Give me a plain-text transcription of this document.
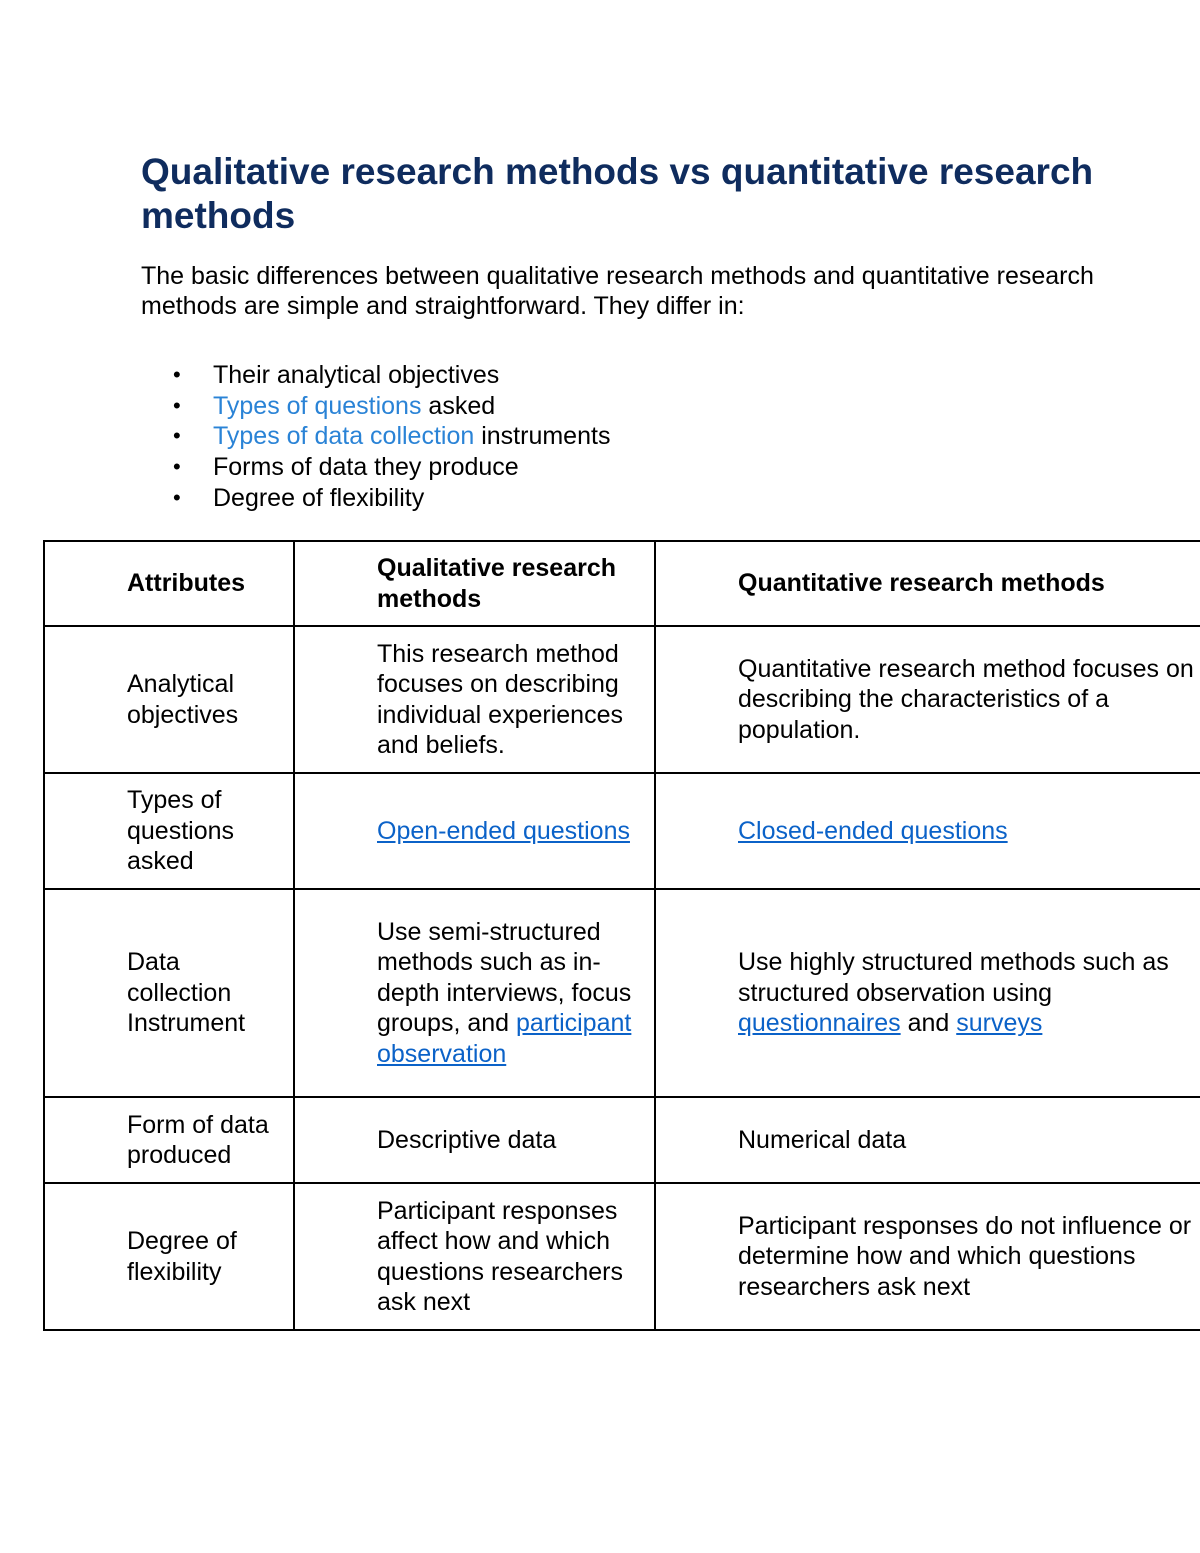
Qualitative research methods vs quantitative research methods

The basic differences between qualitative research methods and quantitative research methods are simple and straightforward. They differ in:

• Their analytical objectives
• Types of questions asked
• Types of data collection instruments
• Forms of data they produce
• Degree of flexibility
Attributes	Qualitative research methods	Quantitative research methods
Analytical objectives	This research method focuses on describing individual experiences and beliefs.	Quantitative research method focuses on describing the characteristics of a population.
Types of questions asked	Open-ended questions	Closed-ended questions
Data collection Instrument	Use semi-structured methods such as in-depth interviews, focus groups, and participant observation	Use highly structured methods such as structured observation using questionnaires and surveys
Form of data produced	Descriptive data	Numerical data
Degree of flexibility	Participant responses affect how and which questions researchers ask next	Participant responses do not influence or determine how and which questions researchers ask next
